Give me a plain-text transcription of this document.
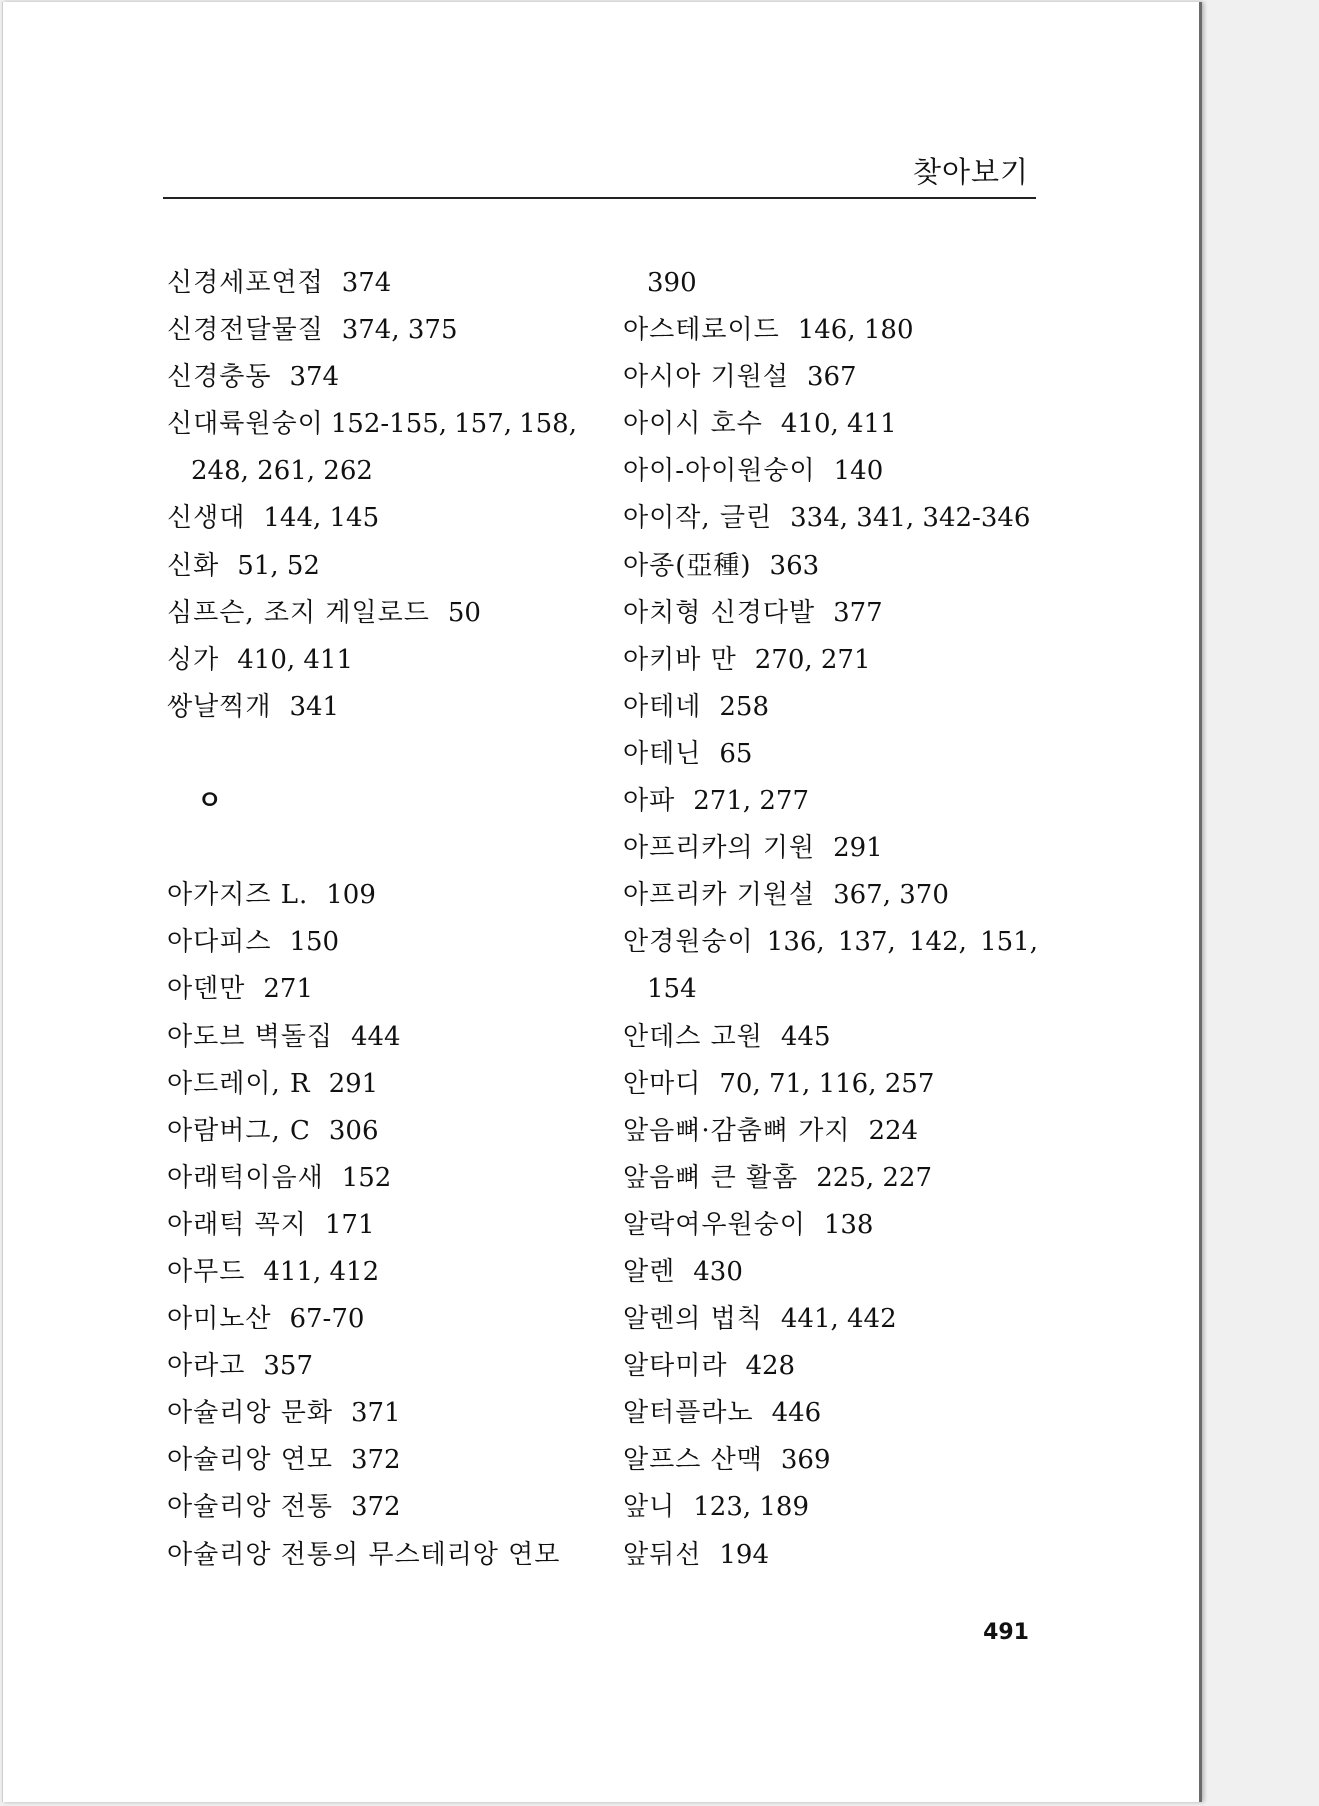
찾아보기
신경세포연접 374
신경전달물질 374, 375
신경충동 374
신대륙원숭이 152-155, 157, 158,
248, 261, 262
신생대 144, 145
신화 51, 52
심프슨, 조지 게일로드 50
싱가 410, 411
쌍날찍개 341
ㅇ
아가지즈 L. 109
아다피스 150
아덴만 271
아도브 벽돌집 444
아드레이, R 291
아람버그, C 306
아래턱이음새 152
아래턱 꼭지 171
아무드 411, 412
아미노산 67-70
아라고 357
아슐리앙 문화 371
아슐리앙 연모 372
아슐리앙 전통 372
아슐리앙 전통의 무스테리앙 연모
390
아스테로이드 146, 180
아시아 기원설 367
아이시 호수 410, 411
아이-아이원숭이 140
아이작, 글린 334, 341, 342-346
아종(亞種) 363
아치형 신경다발 377
아키바 만 270, 271
아테네 258
아테닌 65
아파 271, 277
아프리카의 기원 291
아프리카 기원설 367, 370
안경원숭이 136, 137, 142, 151,
154
안데스 고원 445
안마디 70, 71, 116, 257
앞음뼈·감춤뼈 가지 224
앞음뼈 큰 활홈 225, 227
알락여우원숭이 138
알렌 430
알렌의 법칙 441, 442
알타미라 428
알터플라노 446
알프스 산맥 369
앞니 123, 189
앞뒤선 194
491
